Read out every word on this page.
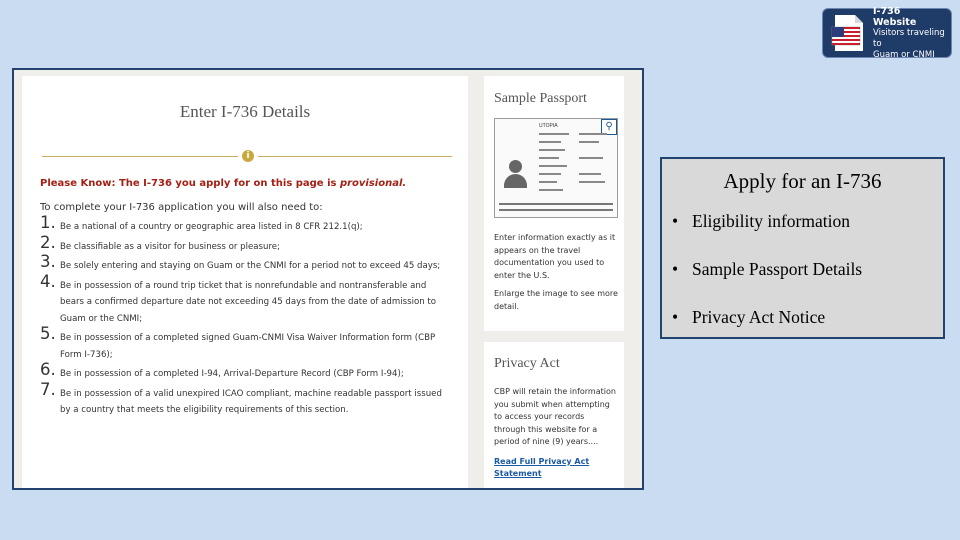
I-736 Website
Visitors traveling to
Guam or CNMI
Enter I-736 Details
i
Please Know: The I-736 you apply for on this page is provisional.
To complete your I-736 application you will also need to:
1. Be a national of a country or geographic area listed in 8 CFR 212.1(q);
2. Be classifiable as a visitor for business or pleasure;
3. Be solely entering and staying on Guam or the CNMI for a period not to exceed 45 days;
4. Be in possession of a round trip ticket that is nonrefundable and nontransferable and bears a confirmed departure date not exceeding 45 days from the date of admission to Guam or the CNMI;
5. Be in possession of a completed signed Guam-CNMI Visa Waiver Information form (CBP Form I-736);
6. Be in possession of a completed I-94, Arrival-Departure Record (CBP Form I-94);
7. Be in possession of a valid unexpired ICAO compliant, machine readable passport issued by a country that meets the eligibility requirements of this section.
Sample Passport
⚲
UTOPIA
Enter information exactly as it appears on the travel documentation you used to enter the U.S.
Enlarge the image to see more detail.
Privacy Act
CBP will retain the information you submit when attempting to access your records through this website for a period of nine (9) years....
Read Full Privacy Act Statement
Apply for an I-736
• Eligibility information
• Sample Passport Details
• Privacy Act Notice
